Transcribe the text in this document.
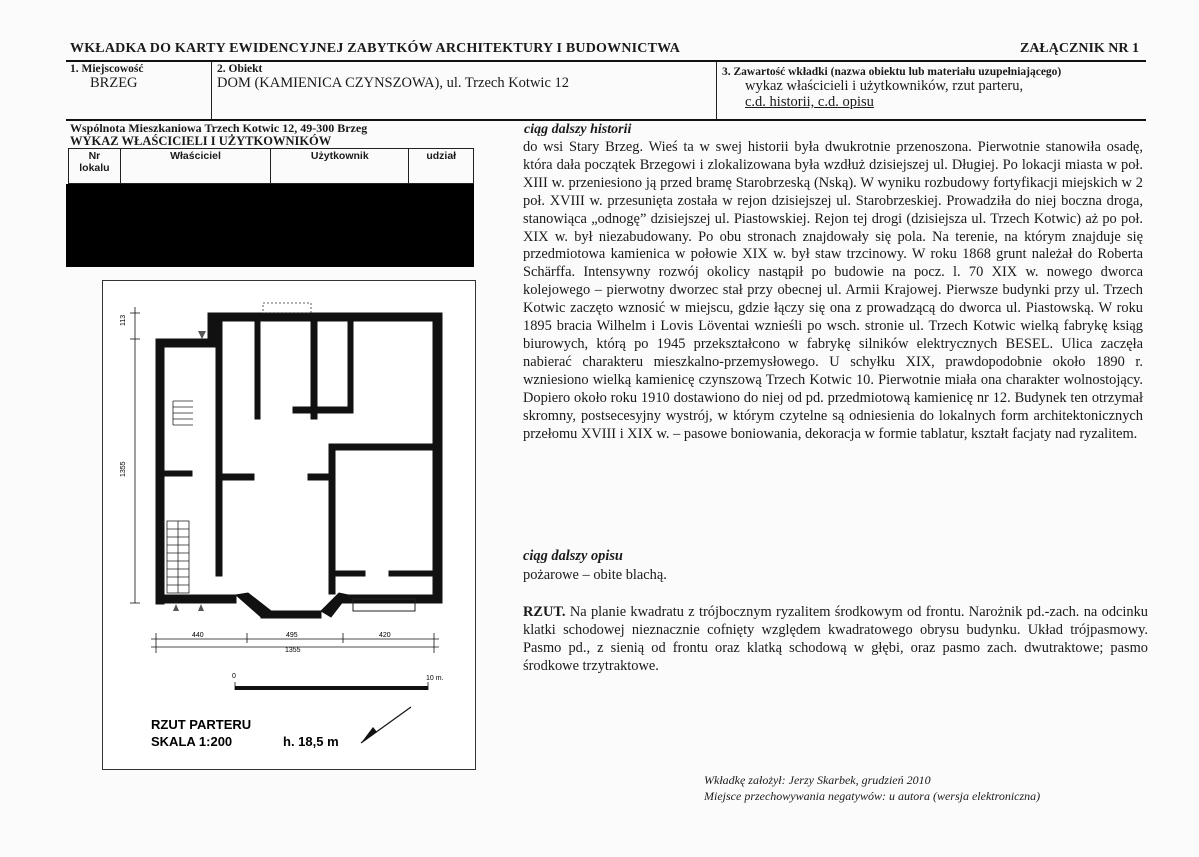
WKŁADKA DO KARTY EWIDENCYJNEJ ZABYTKÓW ARCHITEKTURY I BUDOWNICTWA	ZAŁĄCZNIK NR 1
1. Miejscowość
BRZEG
2. Obiekt
DOM (KAMIENICA CZYNSZOWA), ul. Trzech Kotwic 12
3. Zawartość wkładki (nazwa obiektu lub materiału uzupełniającego)
wykaz właścicieli i użytkowników, rzut parteru,
c.d. historii, c.d. opisu
Wspólnota Mieszkaniowa Trzech Kotwic 12, 49-300 Brzeg
WYKAZ WŁAŚCICIELI I UŻYTKOWNIKÓW
Nr lokalu	Właściciel	Użytkownik	udział
113
1355
440	495	420
1355
0	10 m.
RZUT PARTERU
SKALA 1:200	h. 18,5 m
ciąg dalszy historii
do wsi Stary Brzeg. Wieś ta w swej historii była dwukrotnie przenoszona. Pierwotnie stanowiła osadę, która dała początek Brzegowi i zlokalizowana była wzdłuż dzisiejszej ul. Długiej. Po lokacji miasta w poł. XIII w. przeniesiono ją przed bramę Starobrzeską (Nską). W wyniku rozbudowy fortyfikacji miejskich w 2 poł. XVIII w. przesunięta została w rejon dzisiejszej ul. Starobrzeskiej. Prowadziła do niej boczna droga, stanowiąca „odnogę” dzisiejszej ul. Piastowskiej. Rejon tej drogi (dzisiejsza ul. Trzech Kotwic) aż po poł. XIX w. był niezabudowany. Po obu stronach znajdowały się pola. Na terenie, na którym znajduje się przedmiotowa kamienica w połowie XIX w. był staw trzcinowy. W roku 1868 grunt należał do Roberta Schärffa. Intensywny rozwój okolicy nastąpił po budowie na pocz. l. 70 XIX w. nowego dworca kolejowego – pierwotny dworzec stał przy obecnej ul. Armii Krajowej. Pierwsze budynki przy ul. Trzech Kotwic zaczęto wznosić w miejscu, gdzie łączy się ona z prowadzącą do dworca ul. Piastowską. W roku 1895 bracia Wilhelm i Lovis Löventai wznieśli po wsch. stronie ul. Trzech Kotwic wielką fabrykę ksiąg biurowych, którą po 1945 przekształcono w fabrykę silników elektrycznych BESEL. Ulica zaczęła nabierać charakteru mieszkalno-przemysłowego. U schyłku XIX, prawdopodobnie około 1890 r. wzniesiono wielką kamienicę czynszową Trzech Kotwic 10. Pierwotnie miała ona charakter wolnostojący. Dopiero około roku 1910 dostawiono do niej od pd. przedmiotową kamienicę nr 12. Budynek ten otrzymał skromny, postsecesyjny wystrój, w którym czytelne są odniesienia do lokalnych form architektonicznych przełomu XVIII i XIX w. – pasowe boniowania, dekoracja w formie tablatur, kształt facjaty nad ryzalitem.
ciąg dalszy opisu
pożarowe – obite blachą.
RZUT. Na planie kwadratu z trójbocznym ryzalitem środkowym od frontu. Narożnik pd.-zach. na odcinku klatki schodowej nieznacznie cofnięty względem kwadratowego obrysu budynku. Układ trójpasmowy. Pasmo pd., z sienią od frontu oraz klatką schodową w głębi, oraz pasmo zach. dwutraktowe; pasmo środkowe trzytraktowe.
Wkładkę założył: Jerzy Skarbek, grudzień 2010
Miejsce przechowywania negatywów: u autora (wersja elektroniczna)
